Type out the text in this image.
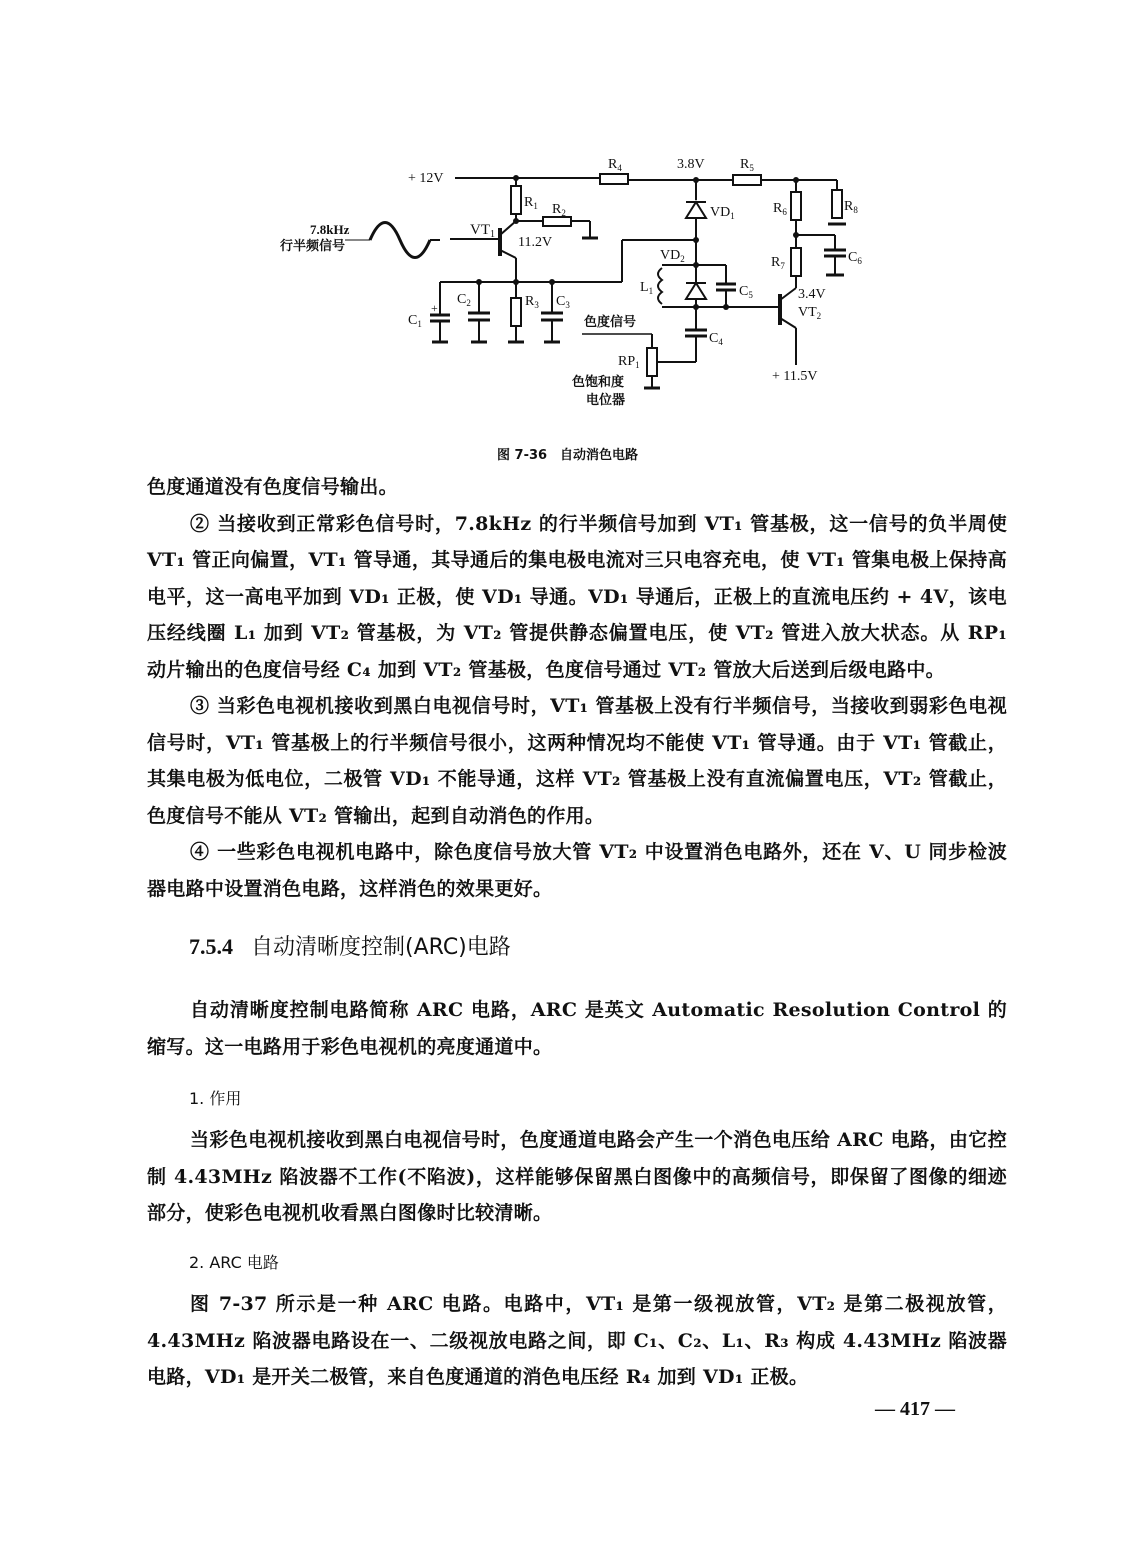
+ 12V
7.8kHz
行半频信号
$VT_1$
11.2V
$R_1$ $R_2$
$R_3$
$R_4$	$R_5$
$R_6$
$R_7$
$R_8$
$C_1$
+
$C_2$	$C_3$
$C_4$
$C_5$
$C_6$
3.8V
$VD_1$
$VD_2$
$L_1$
色度信号
$RP_1$
色饱和度
电位器
3.4V
$VT_2$
+ 11.5V
图 7-36　自动消色电路

色度通道没有色度信号输出。

② 当接收到正常彩色信号时，7.8kHz 的行半频信号加到 VT₁ 管基极，这一信号的负半周使 VT₁ 管正向偏置，VT₁ 管导通，其导通后的集电极电流对三只电容充电，使 VT₁ 管集电极上保持高电平，这一高电平加到 VD₁ 正极，使 VD₁ 导通。VD₁ 导通后，正极上的直流电压约 + 4V，该电压经线圈 L₁ 加到 VT₂ 管基极，为 VT₂ 管提供静态偏置电压，使 VT₂ 管进入放大状态。从 RP₁ 动片输出的色度信号经 C₄ 加到 VT₂ 管基极，色度信号通过 VT₂ 管放大后送到后级电路中。

③ 当彩色电视机接收到黑白电视信号时，VT₁ 管基极上没有行半频信号，当接收到弱彩色电视信号时，VT₁ 管基极上的行半频信号很小，这两种情况均不能使 VT₁ 管导通。由于 VT₁ 管截止，其集电极为低电位，二极管 VD₁ 不能导通，这样 VT₂ 管基极上没有直流偏置电压，VT₂ 管截止，色度信号不能从 VT₂ 管输出，起到自动消色的作用。

④ 一些彩色电视机电路中，除色度信号放大管 VT₂ 中设置消色电路外，还在 V、U 同步检波器电路中设置消色电路，这样消色的效果更好。

7.5.4 自动清晰度控制(ARC)电路

自动清晰度控制电路简称 ARC 电路，ARC 是英文 Automatic Resolution Control 的缩写。这一电路用于彩色电视机的亮度通道中。

1. 作用

当彩色电视机接收到黑白电视信号时，色度通道电路会产生一个消色电压给 ARC 电路，由它控制 4.43MHz 陷波器不工作(不陷波)，这样能够保留黑白图像中的高频信号，即保留了图像的细迹部分，使彩色电视机收看黑白图像时比较清晰。

2. ARC 电路

图 7-37 所示是一种 ARC 电路。电路中，VT₁ 是第一级视放管，VT₂ 是第二极视放管，4.43MHz 陷波器电路设在一、二级视放电路之间，即 C₁、C₂、L₁、R₃ 构成 4.43MHz 陷波器电路，VD₁ 是开关二极管，来自色度通道的消色电压经 R₄ 加到 VD₁ 正极。

— 417 —
